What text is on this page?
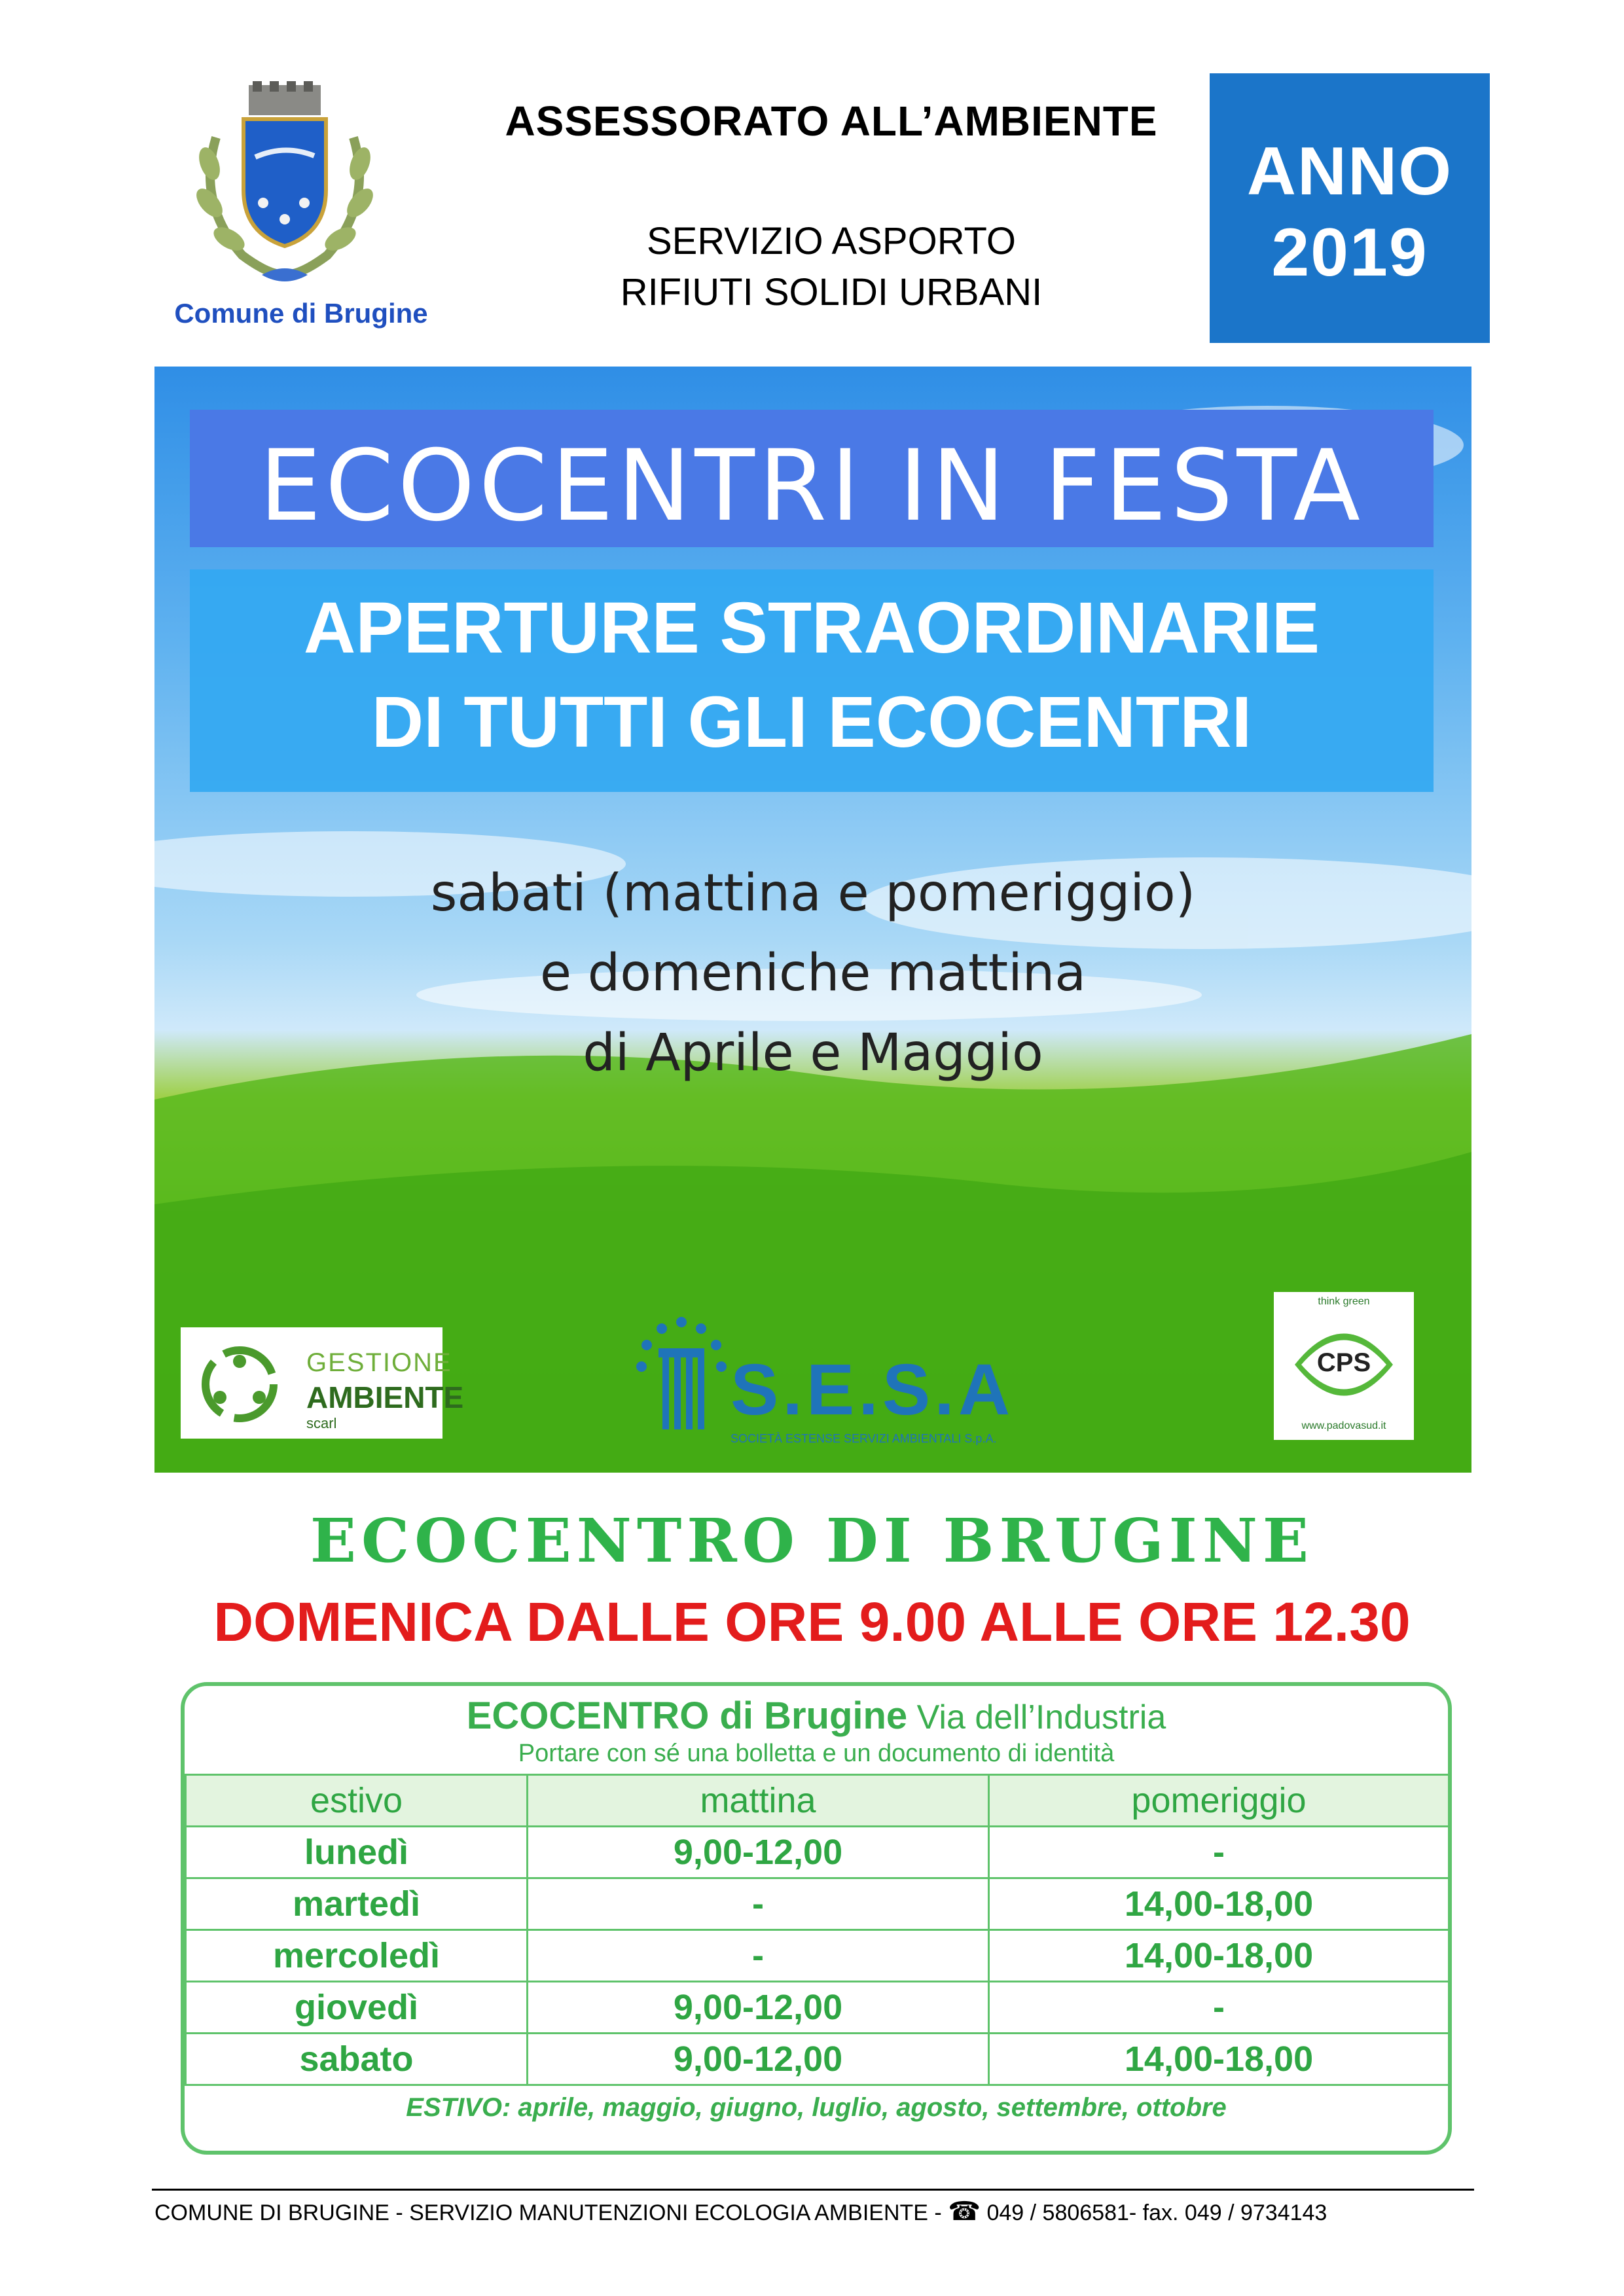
Comune di Brugine
ASSESSORATO ALL’AMBIENTE
SERVIZIO ASPORTO
RIFIUTI SOLIDI URBANI
ANNO
2019
ECOCENTRI IN FESTA
APERTURE STRAORDINARIE
DI TUTTI GLI ECOCENTRI
sabati (mattina e pomeriggio)
e domeniche mattina
di Aprile e Maggio
GESTIONE
AMBIENTE
scarl	S.E.S.A
SOCIETÀ ESTENSE SERVIZI AMBIENTALI S.p.A.
think green
CPS
www.padovasud.it
ECOCENTRO DI BRUGINE
DOMENICA DALLE ORE 9.00 ALLE ORE 12.30
ECOCENTRO di Brugine Via dell’Industria
Portare con sé una bolletta e un documento di identità
estivo	mattina	pomeriggio
lunedì	9,00-12,00	-
martedì	-	14,00-18,00
mercoledì	-	14,00-18,00
giovedì	9,00-12,00	-
sabato	9,00-12,00	14,00-18,00
ESTIVO: aprile, maggio, giugno, luglio, agosto, settembre, ottobre
COMUNE DI BRUGINE - SERVIZIO MANUTENZIONI ECOLOGIA AMBIENTE - ☎ 049 / 5806581- fax. 049 / 9734143
